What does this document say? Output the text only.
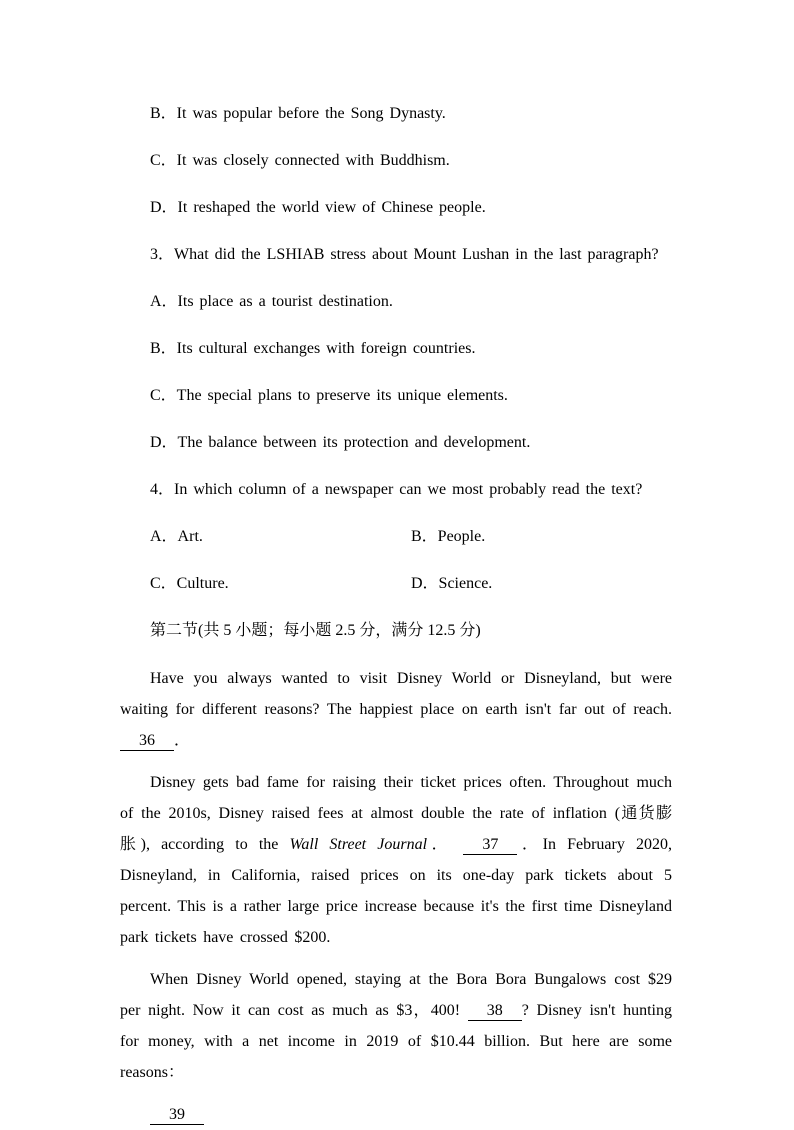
B．It was popular before the Song Dynasty.
C．It was closely connected with Buddhism.
D．It reshaped the world view of Chinese people.
3．What did the LSHIAB stress about Mount Lushan in the last paragraph?
A．Its place as a tourist destination.
B．Its cultural exchanges with foreign countries.
C．The special plans to preserve its unique elements.
D．The balance between its protection and development.
4．In which column of a newspaper can we most probably read the text?
A．Art.	B．People.
C．Culture.	D．Science.
第二节(共 5 小题；每小题 2.5 分，满分 12.5 分)

Have you always wanted to visit Disney World or Disneyland, but were waiting for different reasons? The happiest place on earth isn't far out of reach. 36 ．

Disney gets bad fame for raising their ticket prices often. Throughout much of the 2010s, Disney raised fees at almost double the rate of inflation (通货膨胀), according to the Wall Street Journal． 37 ．In February 2020, Disneyland, in California, raised prices on its one-day park tickets about 5 percent. This is a rather large price increase because it's the first time Disneyland park tickets have crossed $200.

When Disney World opened, staying at the Bora Bora Bungalows cost $29 per night. Now it can cost as much as $3，400! 38 ? Disney isn't hunting for money, with a net income in 2019 of $10.44 billion. But here are some reasons：

39
